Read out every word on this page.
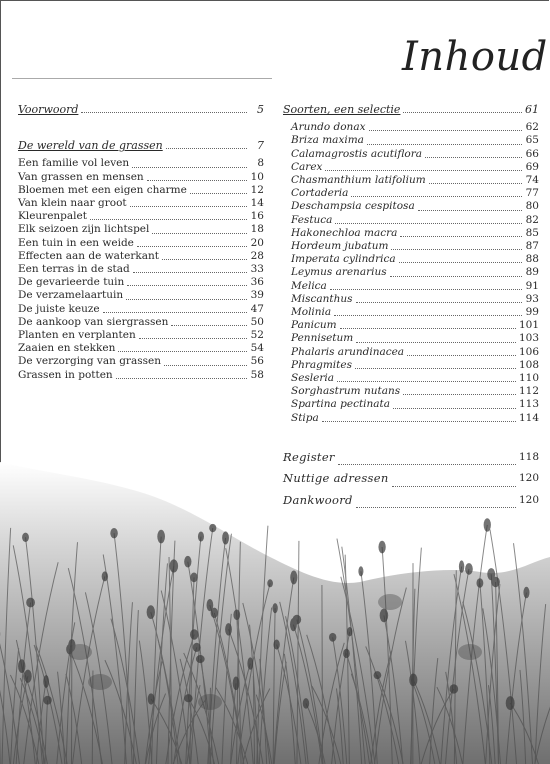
Inhoud
Voorwoord	5
De wereld van de grassen	7
Een familie vol leven	8
Van grassen en mensen	10
Bloemen met een eigen charme	12
Van klein naar groot	14
Kleurenpalet	16
Elk seizoen zijn lichtspel	18
Een tuin in een weide	20
Effecten aan de waterkant	28
Een terras in de stad	33
De gevarieerde tuin	36
De verzamelaartuin	39
De juiste keuze	47
De aankoop van siergrassen	50
Planten en verplanten	52
Zaaien en stekken	54
De verzorging van grassen	56
Grassen in potten	58
Soorten, een selectie	61
Arundo donax	62
Briza maxima	65
Calamagrostis acutiflora	66
Carex	69
Chasmanthium latifolium	74
Cortaderia	77
Deschampsia cespitosa	80
Festuca	82
Hakonechloa macra	85
Hordeum jubatum	87
Imperata cylindrica	88
Leymus arenarius	89
Melica	91
Miscanthus	93
Molinia	99
Panicum	101
Pennisetum	103
Phalaris arundinacea	106
Phragmites	108
Sesleria	110
Sorghastrum nutans	112
Spartina pectinata	113
Stipa	114
Register	118
Nuttige adressen	120
Dankwoord	120
